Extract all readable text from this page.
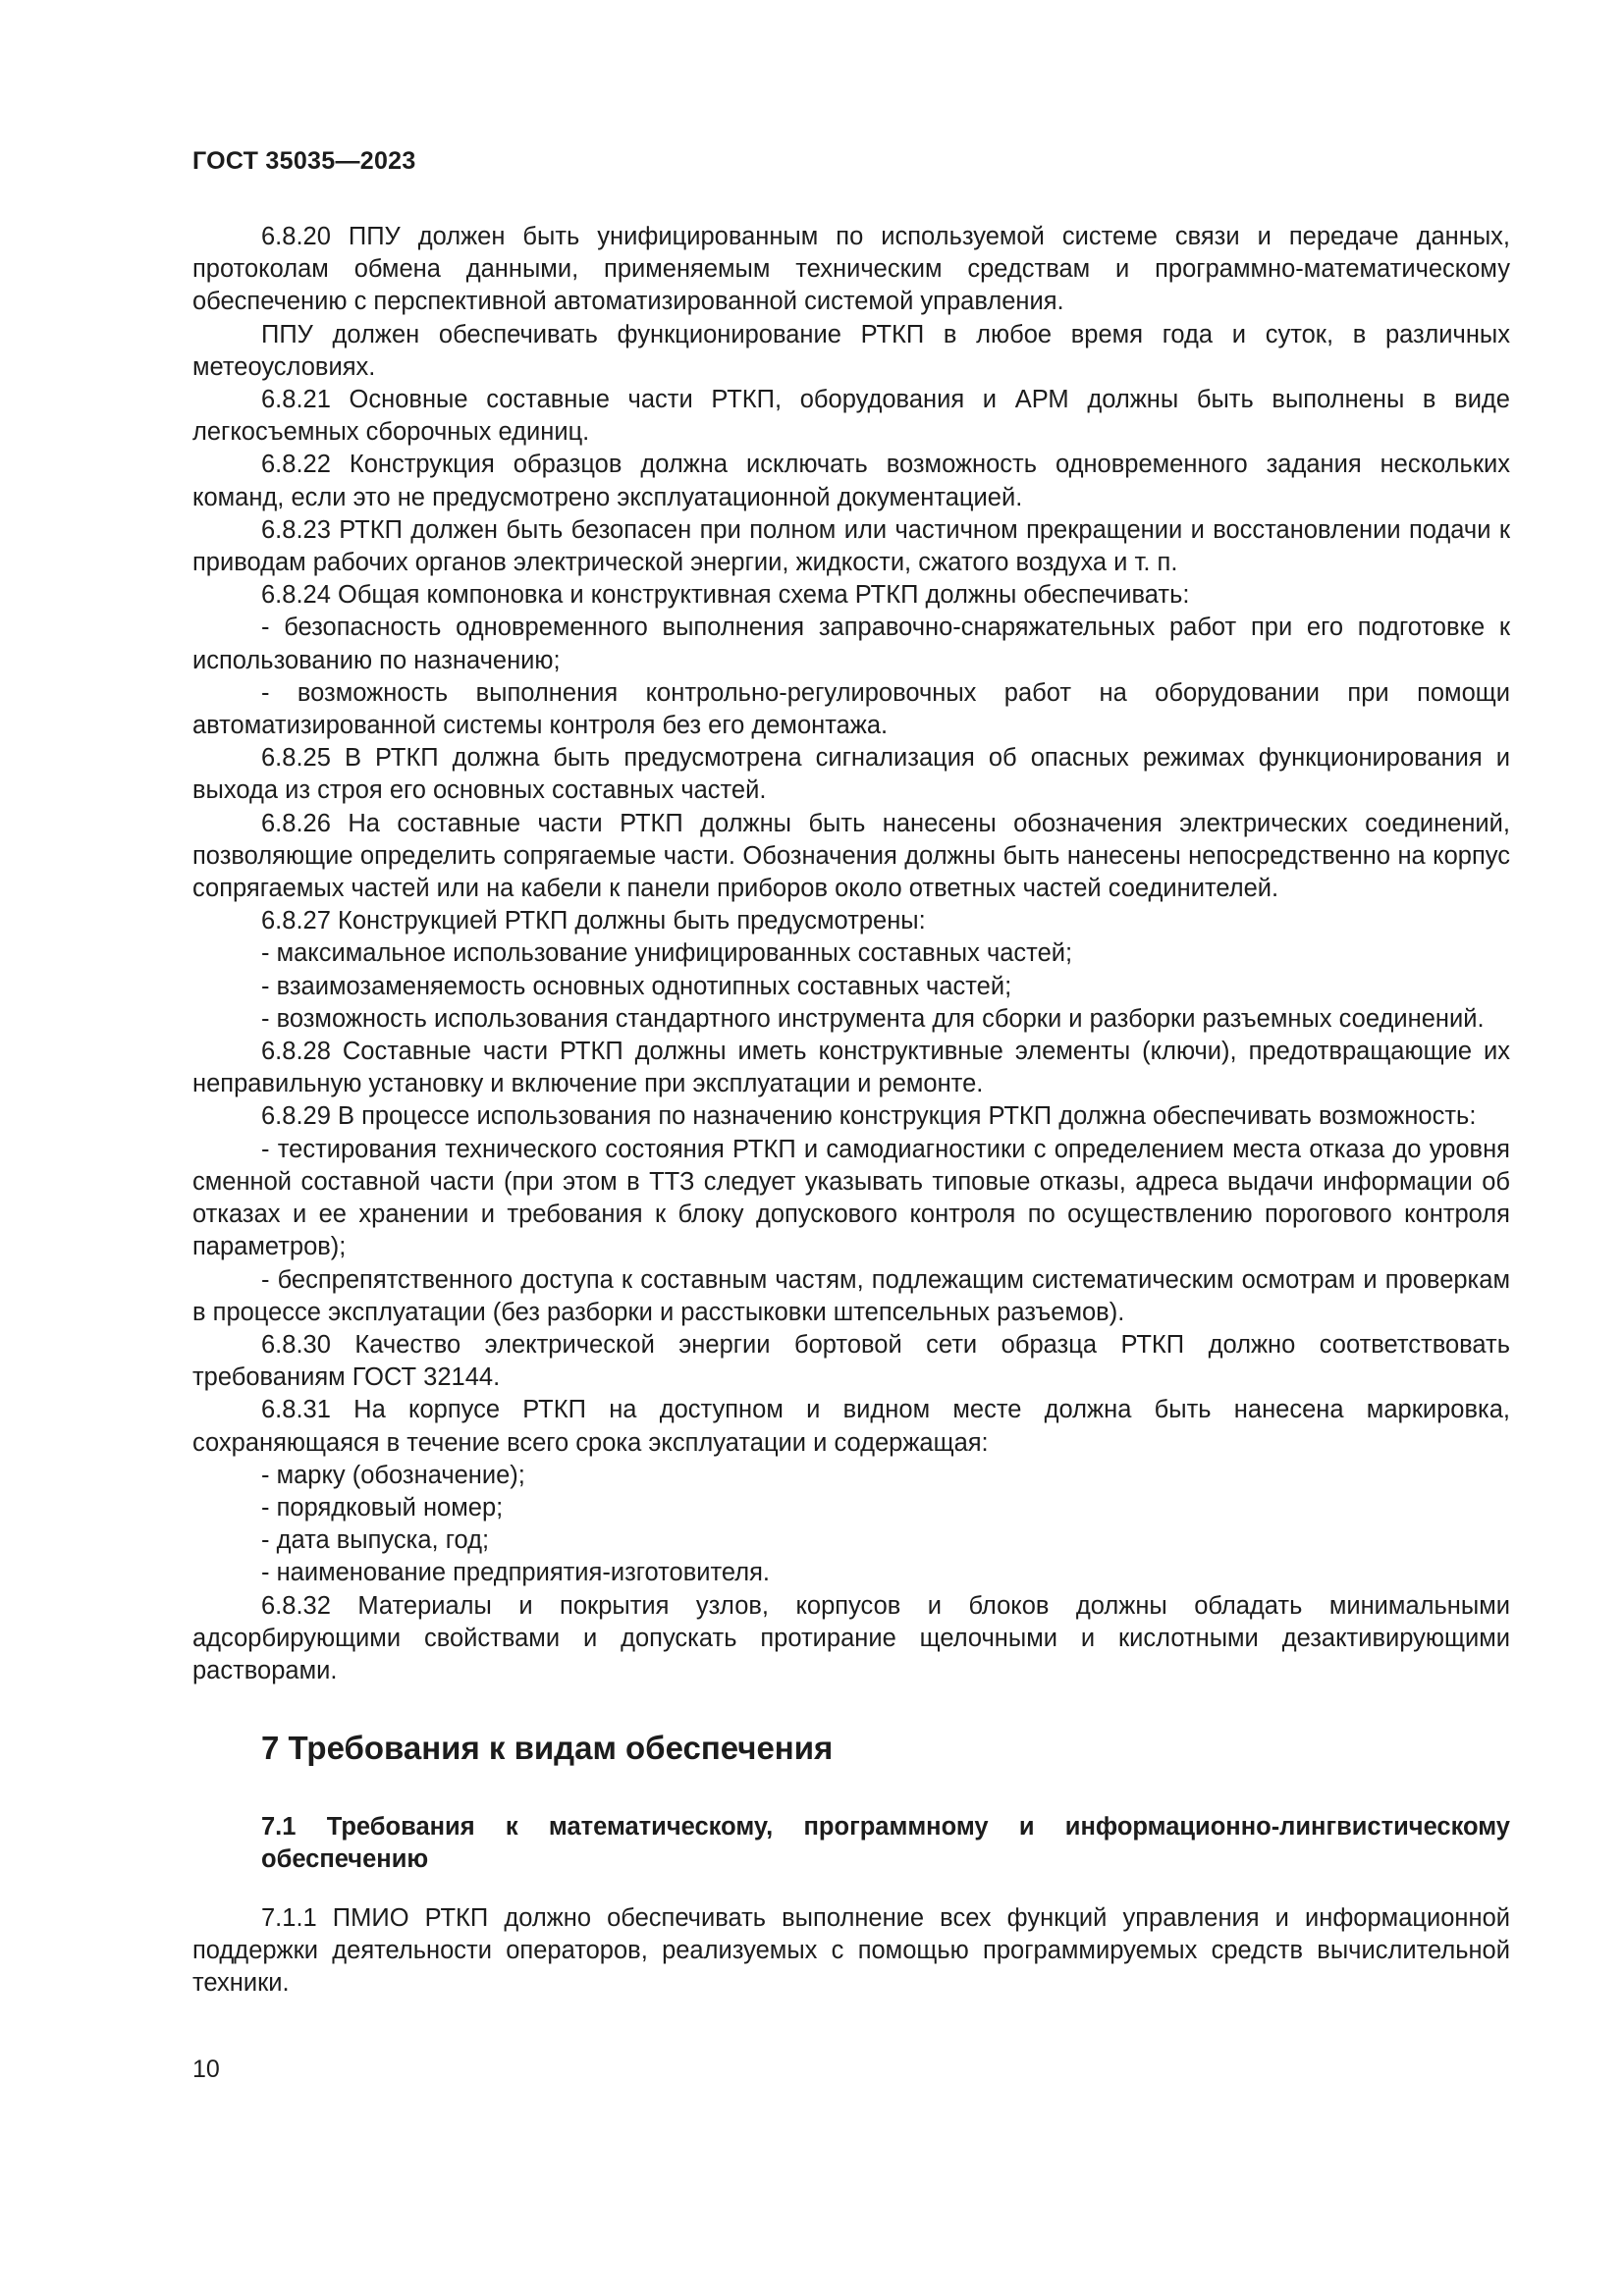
ГОСТ 35035—2023

6.8.20 ППУ должен быть унифицированным по используемой системе связи и передаче данных, протоколам обмена данными, применяемым техническим средствам и программно-математическому обеспечению с перспективной автоматизированной системой управления.

ППУ должен обеспечивать функционирование РТКП в любое время года и суток, в различных метеоусловиях.

6.8.21 Основные составные части РТКП, оборудования и АРМ должны быть выполнены в виде легкосъемных сборочных единиц.

6.8.22 Конструкция образцов должна исключать возможность одновременного задания нескольких команд, если это не предусмотрено эксплуатационной документацией.

6.8.23 РТКП должен быть безопасен при полном или частичном прекращении и восстановлении подачи к приводам рабочих органов электрической энергии, жидкости, сжатого воздуха и т. п.

6.8.24 Общая компоновка и конструктивная схема РТКП должны обеспечивать:

- безопасность одновременного выполнения заправочно-снаряжательных работ при его подготовке к использованию по назначению;

- возможность выполнения контрольно-регулировочных работ на оборудовании при помощи автоматизированной системы контроля без его демонтажа.

6.8.25 В РТКП должна быть предусмотрена сигнализация об опасных режимах функционирования и выхода из строя его основных составных частей.

6.8.26 На составные части РТКП должны быть нанесены обозначения электрических соединений, позволяющие определить сопрягаемые части. Обозначения должны быть нанесены непосредственно на корпус сопрягаемых частей или на кабели к панели приборов около ответных частей соединителей.

6.8.27 Конструкцией РТКП должны быть предусмотрены:

- максимальное использование унифицированных составных частей;

- взаимозаменяемость основных однотипных составных частей;

- возможность использования стандартного инструмента для сборки и разборки разъемных соединений.

6.8.28 Составные части РТКП должны иметь конструктивные элементы (ключи), предотвращающие их неправильную установку и включение при эксплуатации и ремонте.

6.8.29 В процессе использования по назначению конструкция РТКП должна обеспечивать возможность:

- тестирования технического состояния РТКП и самодиагностики с определением места отказа до уровня сменной составной части (при этом в ТТЗ следует указывать типовые отказы, адреса выдачи информации об отказах и ее хранении и требования к блоку допускового контроля по осуществлению порогового контроля параметров);

- беспрепятственного доступа к составным частям, подлежащим систематическим осмотрам и проверкам в процессе эксплуатации (без разборки и расстыковки штепсельных разъемов).

6.8.30 Качество электрической энергии бортовой сети образца РТКП должно соответствовать требованиям ГОСТ 32144.

6.8.31 На корпусе РТКП на доступном и видном месте должна быть нанесена маркировка, сохраняющаяся в течение всего срока эксплуатации и содержащая:

- марку (обозначение);

- порядковый номер;

- дата выпуска, год;

- наименование предприятия-изготовителя.

6.8.32 Материалы и покрытия узлов, корпусов и блоков должны обладать минимальными адсорбирующими свойствами и допускать протирание щелочными и кислотными дезактивирующими растворами.

7 Требования к видам обеспечения
7.1 Требования к математическому, программному и информационно-лингвистическому обеспечению

7.1.1 ПМИО РТКП должно обеспечивать выполнение всех функций управления и информационной поддержки деятельности операторов, реализуемых с помощью программируемых средств вычислительной техники.

10
